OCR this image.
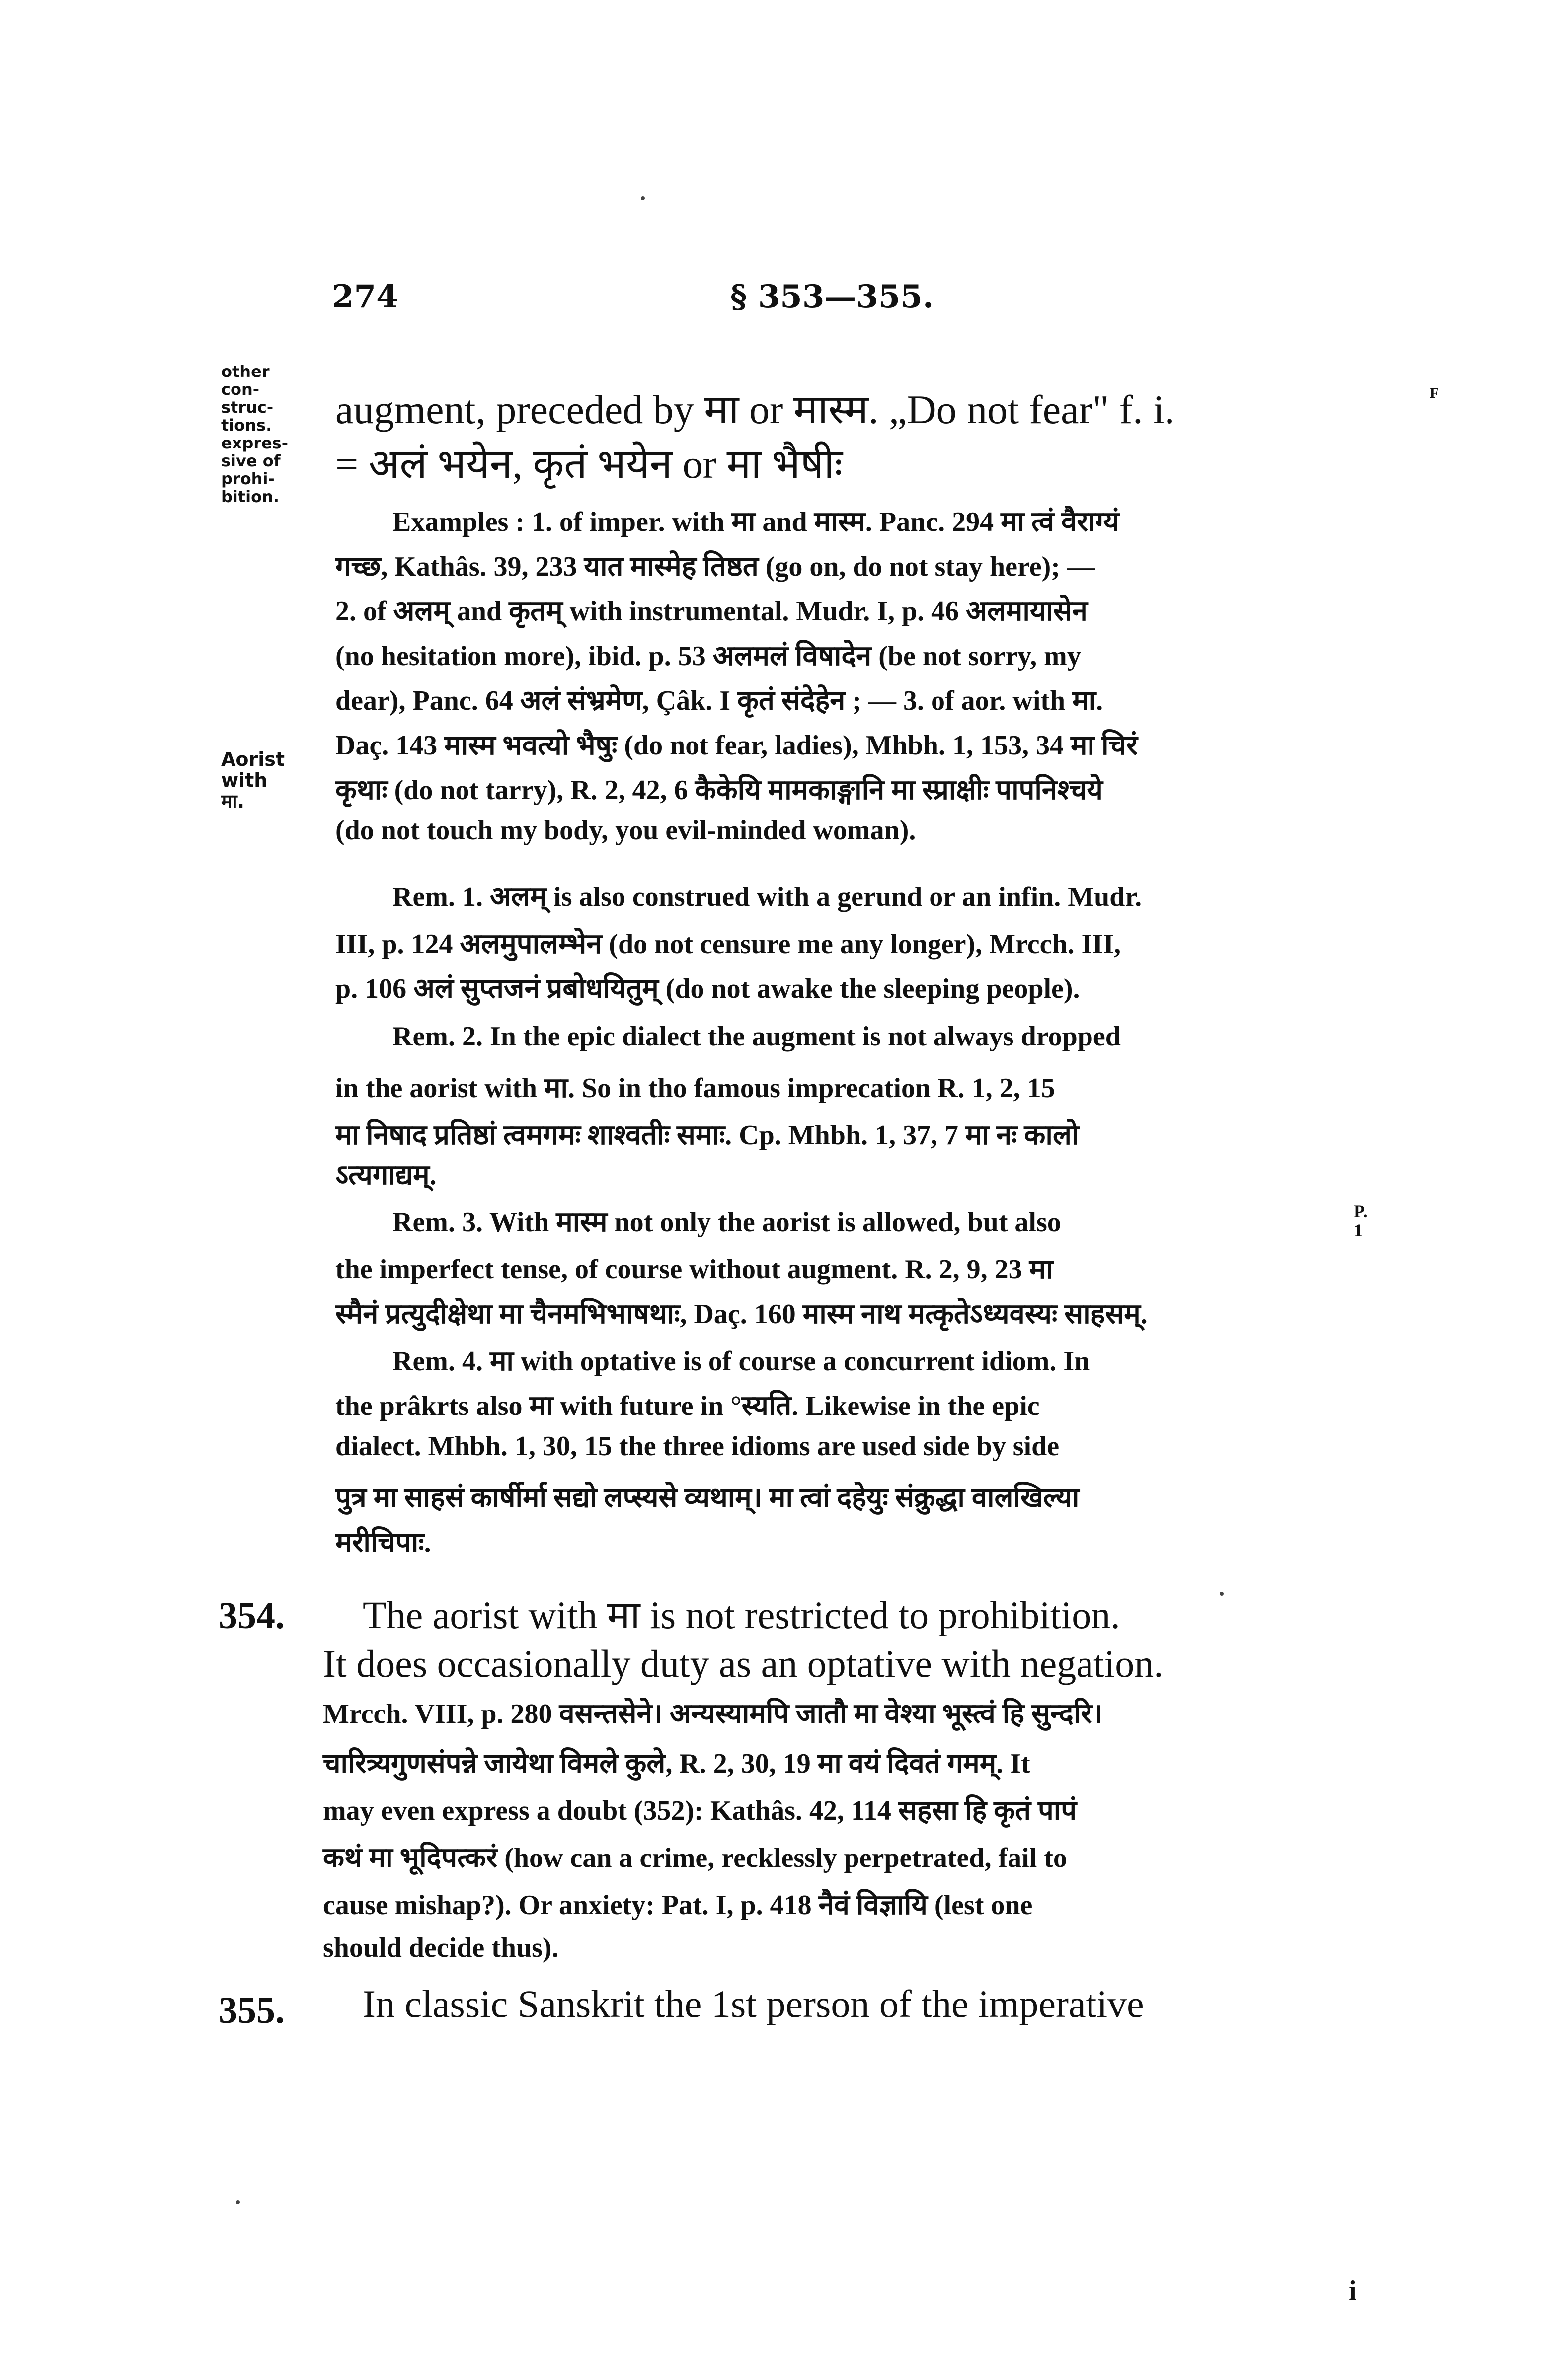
274	§ 353—355.
other
con-
struc-
tions.
expres-
sive of
prohi-
bition.
Aorist
with
मा.
F
P.
1
i
augment, preceded by मा or मास्म. „Do not fear" f. i.
= अलं भयेन, कृतं भयेन or मा भैषीः
Examples : 1. of imper. with मा and मास्म. Panc. 294 मा त्वं वैराग्यं
गच्छ, Kathâs. 39, 233 यात मास्मेह तिष्ठत (go on, do not stay here); —
2. of अलम् and कृतम् with instrumental. Mudr. I, p. 46 अलमायासेन
(no hesitation more), ibid. p. 53 अलमलं विषादेन (be not sorry, my
dear), Panc. 64 अलं संभ्रमेण, Çâk. I कृतं संदेहेन ; — 3. of aor. with मा.
Daç. 143 मास्म भवत्यो भैषुः (do not fear, ladies), Mhbh. 1, 153, 34 मा चिरं
कृथाः (do not tarry), R. 2, 42, 6 कैकेयि मामकाङ्गानि मा स्प्राक्षीः पापनिश्चये
(do not touch my body, you evil-minded woman).
Rem. 1. अलम् is also construed with a gerund or an infin. Mudr.
III, p. 124 अलमुपालम्भेन (do not censure me any longer), Mrcch. III,
p. 106 अलं सुप्तजनं प्रबोधयितुम् (do not awake the sleeping people).
Rem. 2. In the epic dialect the augment is not always dropped
in the aorist with मा. So in tho famous imprecation R. 1, 2, 15
मा निषाद प्रतिष्ठां त्वमगमः शाश्वतीः समाः. Cp. Mhbh. 1, 37, 7 मा नः कालो
ऽत्यगाद्यम्.
Rem. 3. With मास्म not only the aorist is allowed, but also
the imperfect tense, of course without augment. R. 2, 9, 23 मा
स्मैनं प्रत्युदीक्षेथा मा चैनमभिभाषथाः, Daç. 160 मास्म नाथ मत्कृतेऽध्यवस्यः साहसम्.
Rem. 4. मा with optative is of course a concurrent idiom. In
the prâkrts also मा with future in °स्यति. Likewise in the epic
dialect. Mhbh. 1, 30, 15 the three idioms are used side by side
पुत्र मा साहसं कार्षीर्मा सद्यो लप्स्यसे व्यथाम्। मा त्वां दहेयुः संक्रुद्धा वालखिल्या
मरीचिपाः.
354. The aorist with मा is not restricted to prohibition.
It does occasionally duty as an optative with negation.
Mrcch. VIII, p. 280 वसन्तसेने। अन्यस्यामपि जातौ मा वेश्या भूस्त्वं हि सुन्दरि।
चारित्र्यगुणसंपन्ने जायेथा विमले कुले, R. 2, 30, 19 मा वयं दिवतं गमम्. It
may even express a doubt (352): Kathâs. 42, 114 सहसा हि कृतं पापं
कथं मा भूदिपत्करं (how can a crime, recklessly perpetrated, fail to
cause mishap?). Or anxiety: Pat. I, p. 418 नैवं विज्ञायि (lest one
should decide thus).
355. In classic Sanskrit the 1st person of the imperative
